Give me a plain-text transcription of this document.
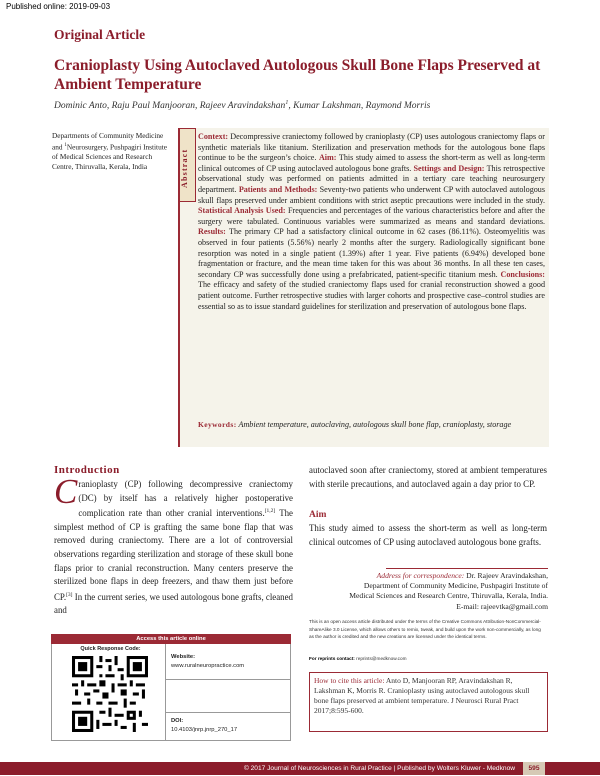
Published online: 2019-09-03
Original Article
Cranioplasty Using Autoclaved Autologous Skull Bone Flaps Preserved at Ambient Temperature
Dominic Anto, Raju Paul Manjooran, Rajeev Aravindakshan$^1$, Kumar Lakshman, Raymond Morris
Departments of Community Medicine and $^1$Neurosurgery, Pushpagiri Institute of Medical Sciences and Research Centre, Thiruvalla, Kerala, India	Abstract
Context: Decompressive craniectomy followed by cranioplasty (CP) uses autologous craniectomy flaps or synthetic materials like titanium. Sterilization and preservation methods for the autologous bone flaps continue to be the surgeon’s choice. Aim: This study aimed to assess the short-term as well as long-term clinical outcomes of CP using autoclaved autologous bone grafts. Settings and Design: This retrospective observational study was performed on patients admitted in a tertiary care teaching neurosurgery department. Patients and Methods: Seventy-two patients who underwent CP with autoclaved autologous skull flaps preserved under ambient conditions with strict aseptic precautions were included in the study. Statistical Analysis Used: Frequencies and percentages of the various characteristics before and after the surgery were tabulated. Continuous variables were summarized as means and standard deviations. Results: The primary CP had a satisfactory clinical outcome in 62 cases (86.11%). Osteomyelitis was observed in four patients (5.56%) nearly 2 months after the surgery. Radiologically significant bone resorption was noted in a single patient (1.39%) after 1 year. Five patients (6.94%) developed bone fragmentation or fracture, and the mean time taken for this was about 36 months. In all these ten cases, secondary CP was successfully done using a prefabricated, patient-specific titanium mesh. Conclusions: The efficacy and safety of the studied craniectomy flaps used for cranial reconstruction showed a good patient outcome. Further retrospective studies with larger cohorts and prospective case–control studies are essential so as to issue standard guidelines for sterilization and preservation of autologous bone flaps.
Keywords: Ambient temperature, autoclaving, autologous skull bone flap, cranioplasty, storage
Introduction
Cranioplasty (CP) following decompressive craniectomy (DC) by itself has a relatively higher postoperative complication rate than other cranial interventions.[1,2] The simplest method of CP is grafting the same bone flap that was removed during craniectomy. There are a lot of controversial observations regarding sterilization and storage of these skull bone flaps prior to cranial reconstruction. Many centers preserve the sterilized bone flaps in deep freezers, and thaw them just before CP.[3] In the current series, we used autologous bone grafts, cleaned and
autoclaved soon after craniectomy, stored at ambient temperatures with sterile precautions, and autoclaved again a day prior to CP.
Aim
This study aimed to assess the short-term as well as long-term clinical outcomes of CP using autoclaved autologous bone grafts.
Address for correspondence: Dr. Rajeev Aravindakshan,
Department of Community Medicine, Pushpagiri Institute of
Medical Sciences and Research Centre, Thiruvalla, Kerala, India.
E-mail: rajeevtka@gmail.com
This is an open access article distributed under the terms of the Creative Commons Attribution-NonCommercial-ShareAlike 3.0 License, which allows others to remix, tweak, and build upon the work non-commercially, as long as the author is credited and the new creations are licensed under the identical terms.
For reprints contact: reprints@medknow.com
How to cite this article: Anto D, Manjooran RP, Aravindakshan R, Lakshman K, Morris R. Cranioplasty using autoclaved autologous skull bone flaps preserved at ambient temperature. J Neurosci Rural Pract 2017;8:595-600.
Access this article online
Quick Response Code:
Website:
www.ruralneuropractice.com
DOI:
10.4103/jnrp.jnrp_270_17
© 2017 Journal of Neurosciences in Rural Practice | Published by Wolters Kluwer - Medknow	595
